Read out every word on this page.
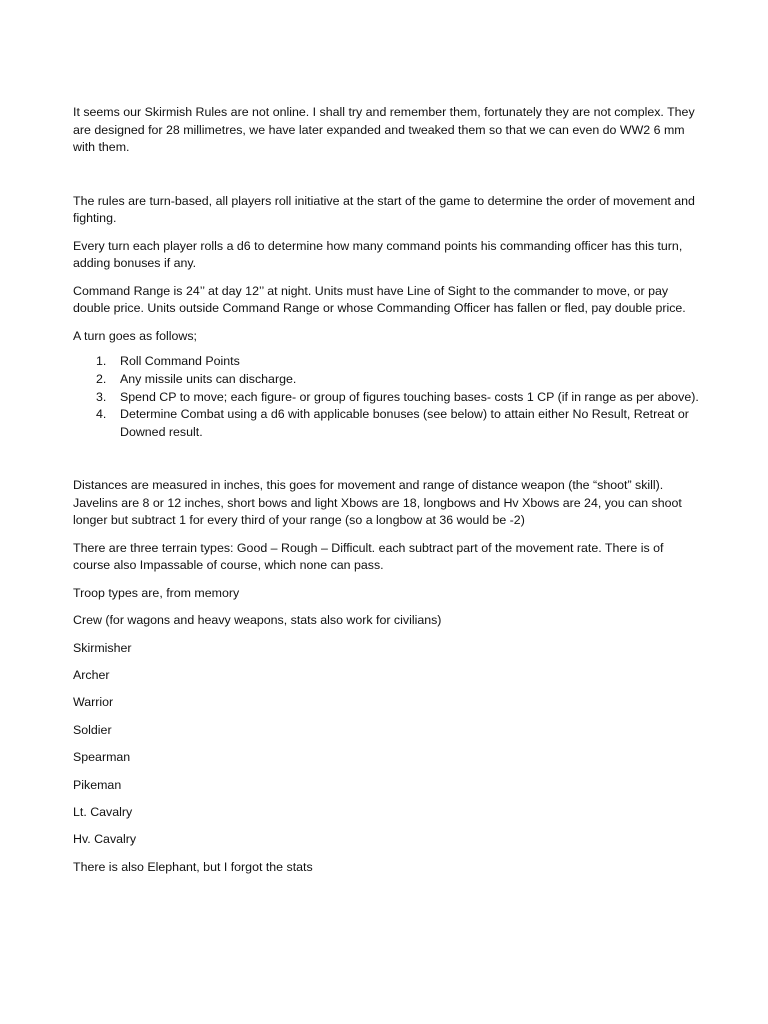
It seems our Skirmish Rules are not online. I shall try and remember them, fortunately they are not complex. They are designed for 28 millimetres, we have later expanded and tweaked them so that we can even do WW2 6 mm with them.

The rules are turn-based, all players roll initiative at the start of the game to determine the order of movement and fighting.

Every turn each player rolls a d6 to determine how many command points his commanding officer has this turn, adding bonuses if any.

Command Range is 24’’ at day 12’’ at night. Units must have Line of Sight to the commander to move, or pay double price. Units outside Command Range or whose Commanding Officer has fallen or fled, pay double price.

A turn goes as follows;

1. Roll Command Points
2. Any missile units can discharge.
3. Spend CP to move; each figure- or group of figures touching bases- costs 1 CP (if in range as per above).
4. Determine Combat using a d6 with applicable bonuses (see below) to attain either No Result, Retreat or Downed result.

Distances are measured in inches, this goes for movement and range of distance weapon (the “shoot” skill). Javelins are 8 or 12 inches, short bows and light Xbows are 18, longbows and Hv Xbows are 24, you can shoot longer but subtract 1 for every third of your range (so a longbow at 36 would be -2)

There are three terrain types: Good – Rough – Difficult. each subtract part of the movement rate. There is of course also Impassable of course, which none can pass.

Troop types are, from memory

Crew (for wagons and heavy weapons, stats also work for civilians)

Skirmisher

Archer

Warrior

Soldier

Spearman

Pikeman

Lt. Cavalry

Hv. Cavalry

There is also Elephant, but I forgot the stats
